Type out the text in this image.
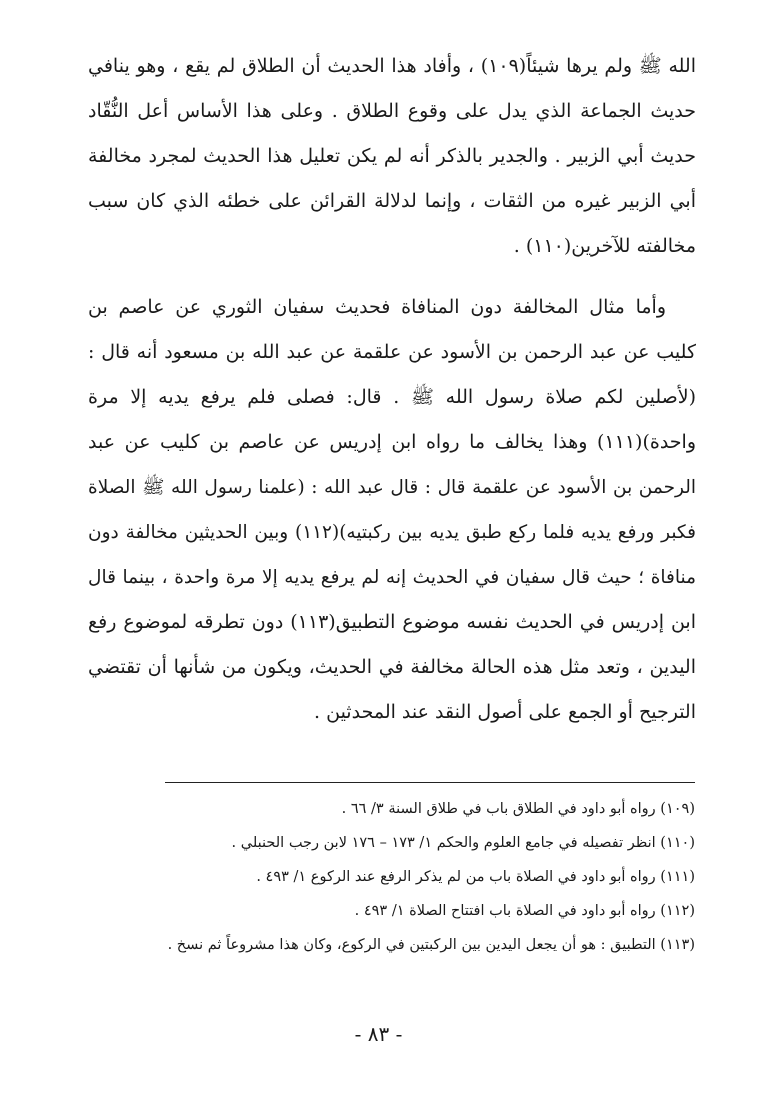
الله ﷺ ولم يرها شيئاً(١٠٩) ، وأفاد هذا الحديث أن الطلاق لم يقع ، وهو ينافي
حديث الجماعة الذي يدل على وقوع الطلاق . وعلى هذا الأساس أعل النُّقّاد
حديث أبي الزبير . والجدير بالذكر أنه لم يكن تعليل هذا الحديث لمجرد مخالفة
أبي الزبير غيره من الثقات ، وإنما لدلالة القرائن على خطئه الذي كان سبب
مخالفته للآخرين(١١٠) .
وأما مثال المخالفة دون المنافاة فحديث سفيان الثوري عن عاصم بن
كليب عن عبد الرحمن بن الأسود عن علقمة عن عبد الله بن مسعود أنه قال :
(لأصلين لكم صلاة رسول الله ﷺ . قال: فصلى فلم يرفع يديه إلا مرة
واحدة)(١١١) وهذا يخالف ما رواه ابن إدريس عن عاصم بن كليب عن عبد
الرحمن بن الأسود عن علقمة قال : قال عبد الله : (علمنا رسول الله ﷺ الصلاة
فكبر ورفع يديه فلما ركع طبق يديه بين ركبتيه)(١١٢) وبين الحديثين مخالفة دون
منافاة ؛ حيث قال سفيان في الحديث إنه لم يرفع يديه إلا مرة واحدة ، بينما قال
ابن إدريس في الحديث نفسه موضوع التطبيق(١١٣) دون تطرقه لموضوع رفع
اليدين ، وتعد مثل هذه الحالة مخالفة في الحديث، ويكون من شأنها أن تقتضي
الترجيح أو الجمع على أصول النقد عند المحدثين .
(١٠٩) رواه أبو داود في الطلاق باب في طلاق السنة ٣/ ٦٦ .
(١١٠) انظر تفصيله في جامع العلوم والحكم ١/ ١٧٣ – ١٧٦ لابن رجب الحنبلي .
(١١١) رواه أبو داود في الصلاة باب من لم يذكر الرفع عند الركوع ١/ ٤٩٣ .
(١١٢) رواه أبو داود في الصلاة باب افتتاح الصلاة ١/ ٤٩٣ .
(١١٣) التطبيق : هو أن يجعل اليدين بين الركبتين في الركوع، وكان هذا مشروعاً ثم نسخ .
- ٨٣ -
